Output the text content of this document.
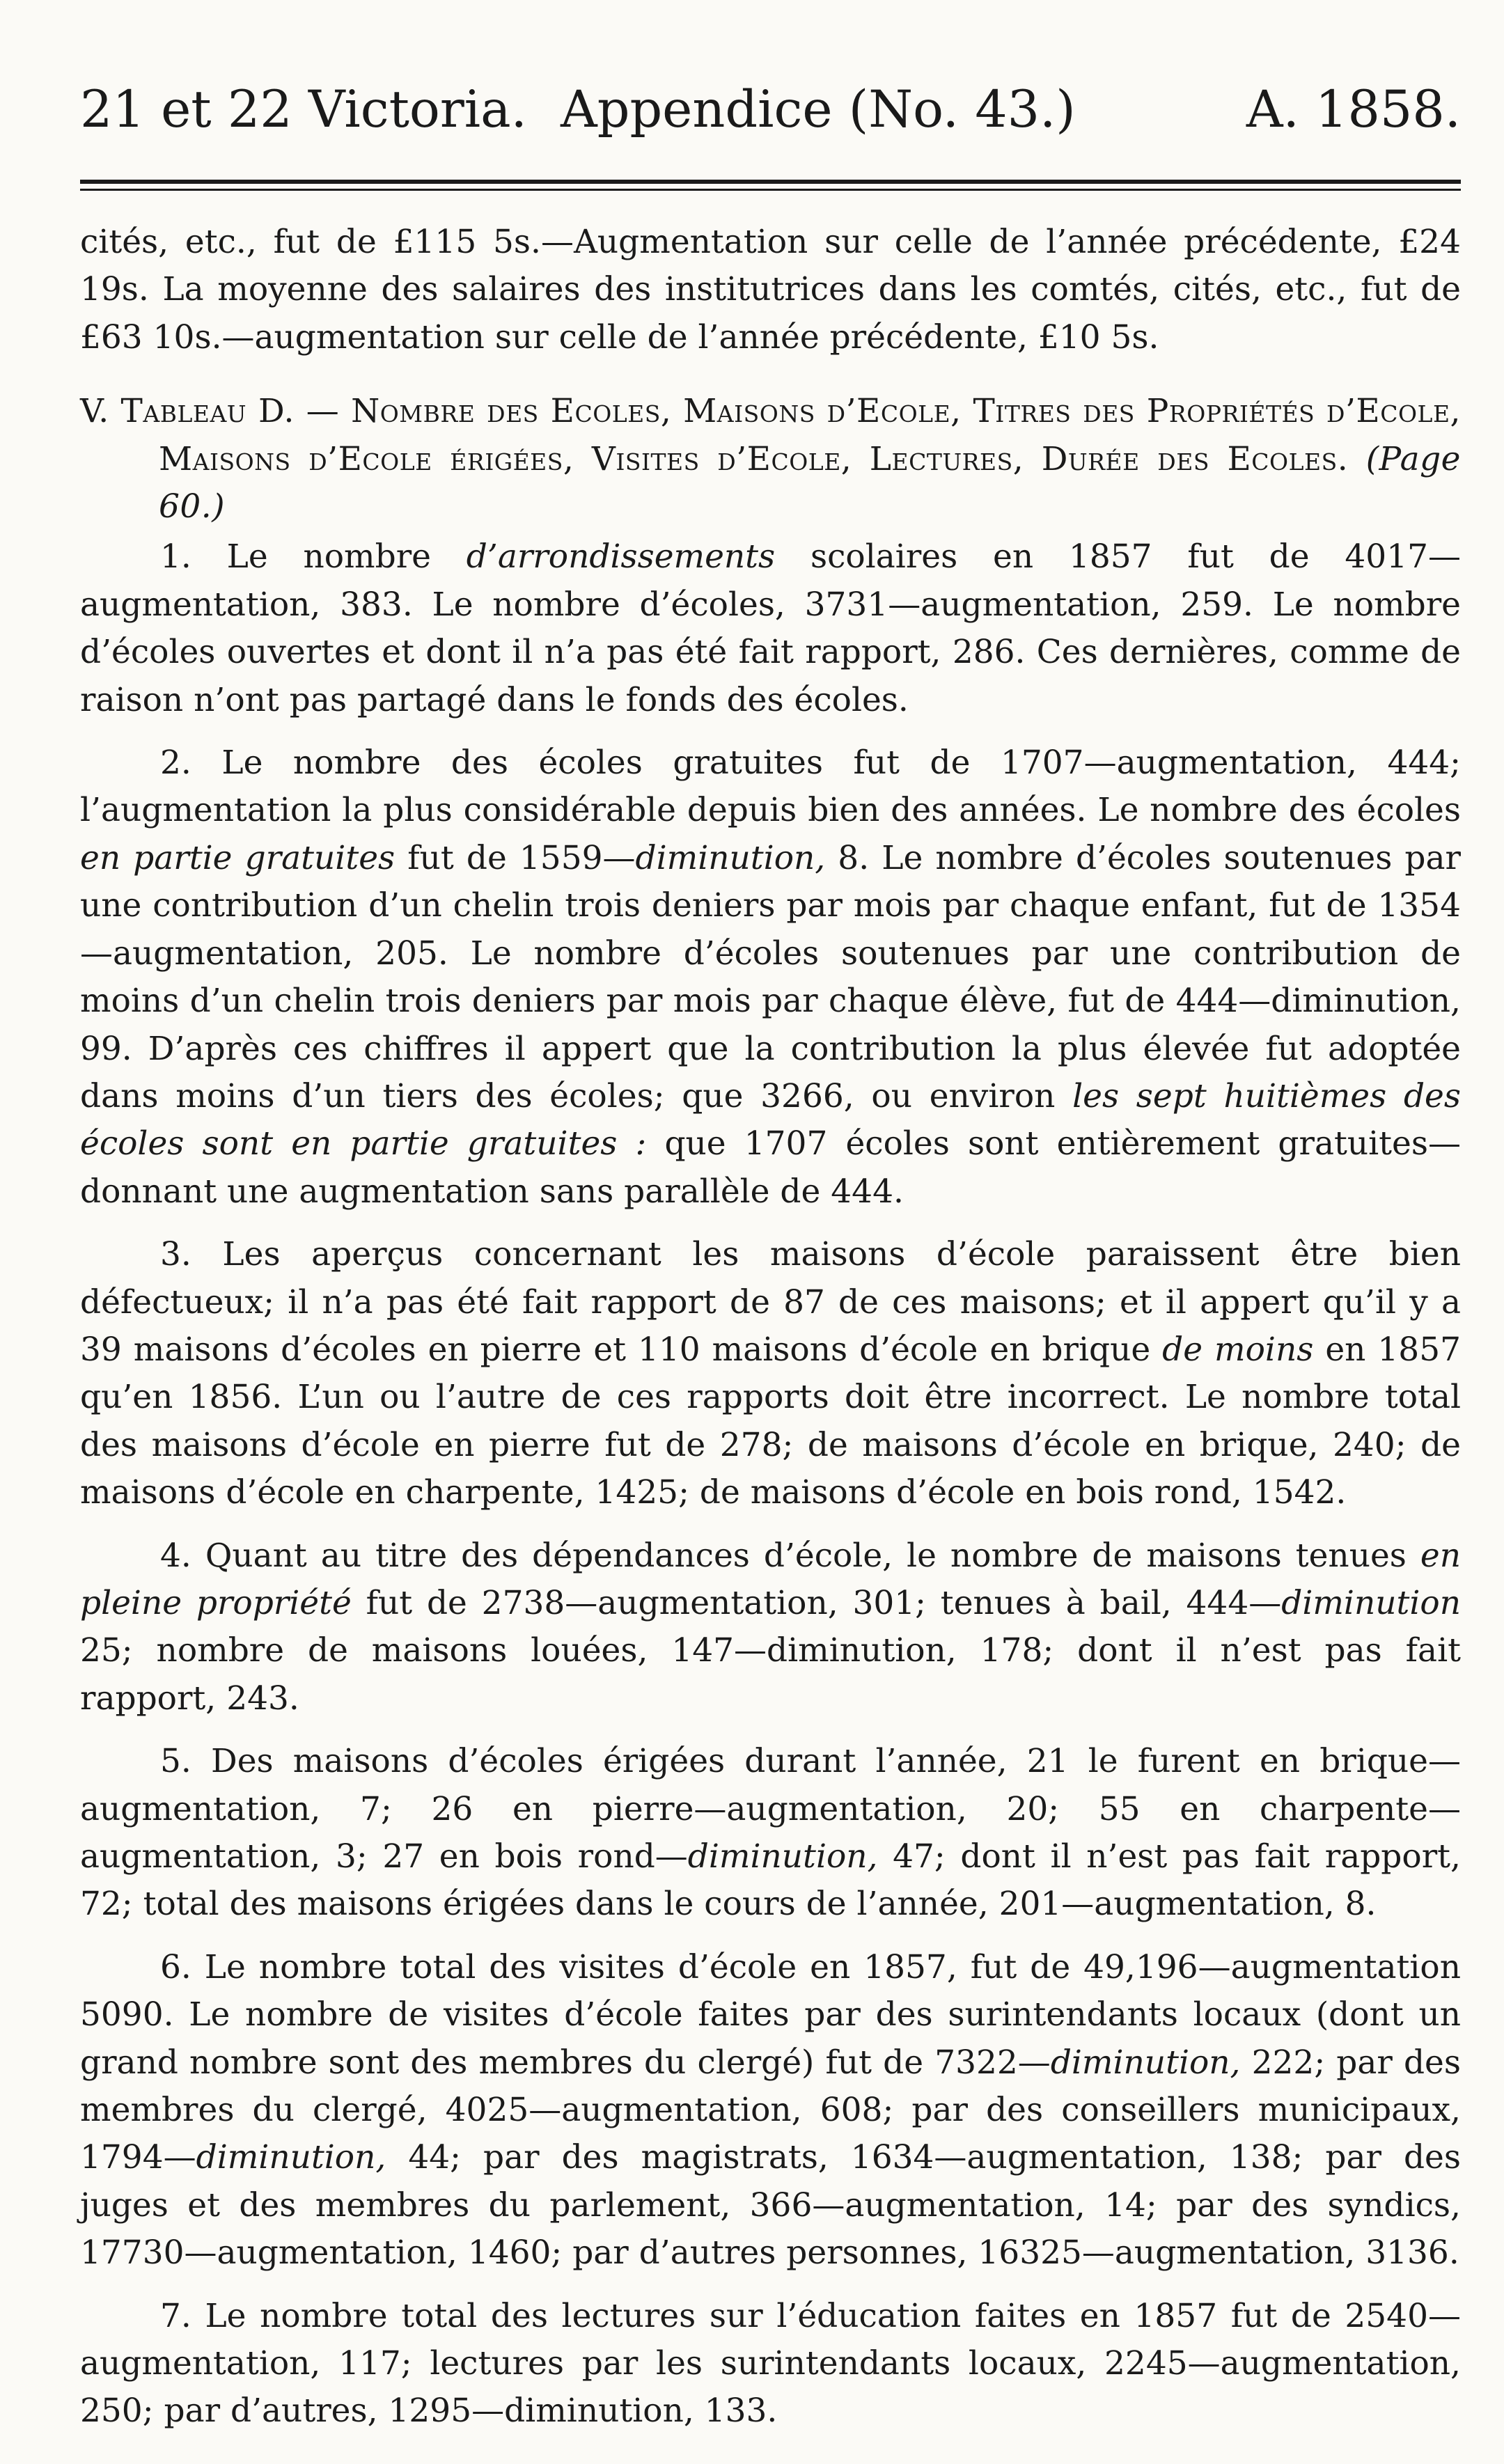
21 et 22 Victoria. Appendice (No. 43.)	A. 1858.

cités, etc., fut de £115 5s.—Augmentation sur celle de l’année précédente, £24 19s. La moyenne des salaires des institutrices dans les comtés, cités, etc., fut de £63 10s.—augmentation sur celle de l’année précédente, £10 5s.

V. Tableau D. — Nombre des Ecoles, Maisons d’Ecole, Titres des Propriétés d’Ecole, Maisons d’Ecole érigées, Visites d’Ecole, Lectures, Durée des Ecoles. (Page 60.)

1. Le nombre d’arrondissements scolaires en 1857 fut de 4017—augmentation, 383. Le nombre d’écoles, 3731—augmentation, 259. Le nombre d’écoles ouvertes et dont il n’a pas été fait rapport, 286. Ces dernières, comme de raison n’ont pas partagé dans le fonds des écoles.

2. Le nombre des écoles gratuites fut de 1707—augmentation, 444; l’augmentation la plus considérable depuis bien des années. Le nombre des écoles en partie gratuites fut de 1559—diminution, 8. Le nombre d’écoles soutenues par une contribution d’un chelin trois deniers par mois par chaque enfant, fut de 1354 —augmentation, 205. Le nombre d’écoles soutenues par une contribution de moins d’un chelin trois deniers par mois par chaque élève, fut de 444—diminution, 99. D’après ces chiffres il appert que la contribution la plus élevée fut adoptée dans moins d’un tiers des écoles; que 3266, ou environ les sept huitièmes des écoles sont en partie gratuites : que 1707 écoles sont entièrement gratuites—donnant une augmentation sans parallèle de 444.

3. Les aperçus concernant les maisons d’école paraissent être bien défectueux; il n’a pas été fait rapport de 87 de ces maisons; et il appert qu’il y a 39 maisons d’écoles en pierre et 110 maisons d’école en brique de moins en 1857 qu’en 1856. L’un ou l’autre de ces rapports doit être incorrect. Le nombre total des maisons d’école en pierre fut de 278; de maisons d’école en brique, 240; de maisons d’école en charpente, 1425; de maisons d’école en bois rond, 1542.

4. Quant au titre des dépendances d’école, le nombre de maisons tenues en pleine propriété fut de 2738—augmentation, 301; tenues à bail, 444—diminution 25; nombre de maisons louées, 147—diminution, 178; dont il n’est pas fait rapport, 243.

5. Des maisons d’écoles érigées durant l’année, 21 le furent en brique—augmentation, 7; 26 en pierre—augmentation, 20; 55 en charpente—augmentation, 3; 27 en bois rond—diminution, 47; dont il n’est pas fait rapport, 72; total des maisons érigées dans le cours de l’année, 201—augmentation, 8.

6. Le nombre total des visites d’école en 1857, fut de 49,196—augmentation 5090. Le nombre de visites d’école faites par des surintendants locaux (dont un grand nombre sont des membres du clergé) fut de 7322—diminution, 222; par des membres du clergé, 4025—augmentation, 608; par des conseillers municipaux, 1794—diminution, 44; par des magistrats, 1634—augmentation, 138; par des juges et des membres du parlement, 366—augmentation, 14; par des syndics, 17730—augmentation, 1460; par d’autres personnes, 16325—augmentation, 3136.

7. Le nombre total des lectures sur l’éducation faites en 1857 fut de 2540—augmentation, 117; lectures par les surintendants locaux, 2245—augmentation, 250; par d’autres, 1295—diminution, 133.
